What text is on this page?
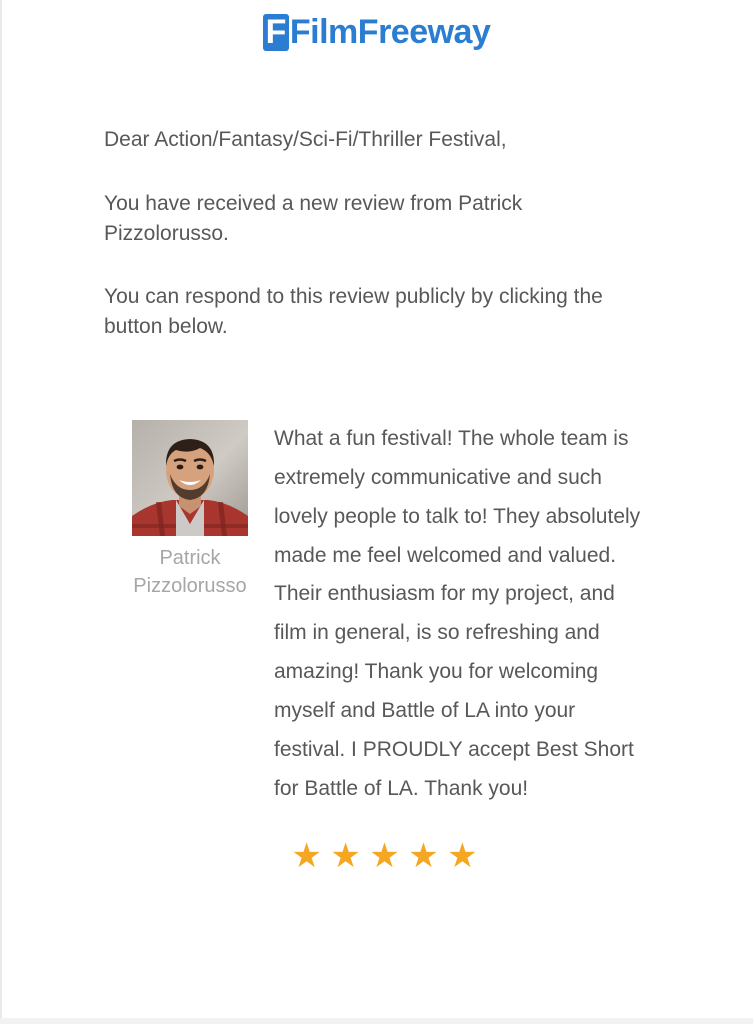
F FilmFreeway

Dear Action/Fantasy/Sci-Fi/Thriller Festival,

You have received a new review from Patrick Pizzolorusso.

You can respond to this review publicly by clicking the button below.

Patrick Pizzolorusso
What a fun festival! The whole team is extremely communicative and such lovely people to talk to! They absolutely made me feel welcomed and valued. Their enthusiasm for my project, and film in general, is so refreshing and amazing! Thank you for welcoming myself and Battle of LA into your festival. I PROUDLY accept Best Short for Battle of LA. Thank you!
★ ★ ★ ★ ★
